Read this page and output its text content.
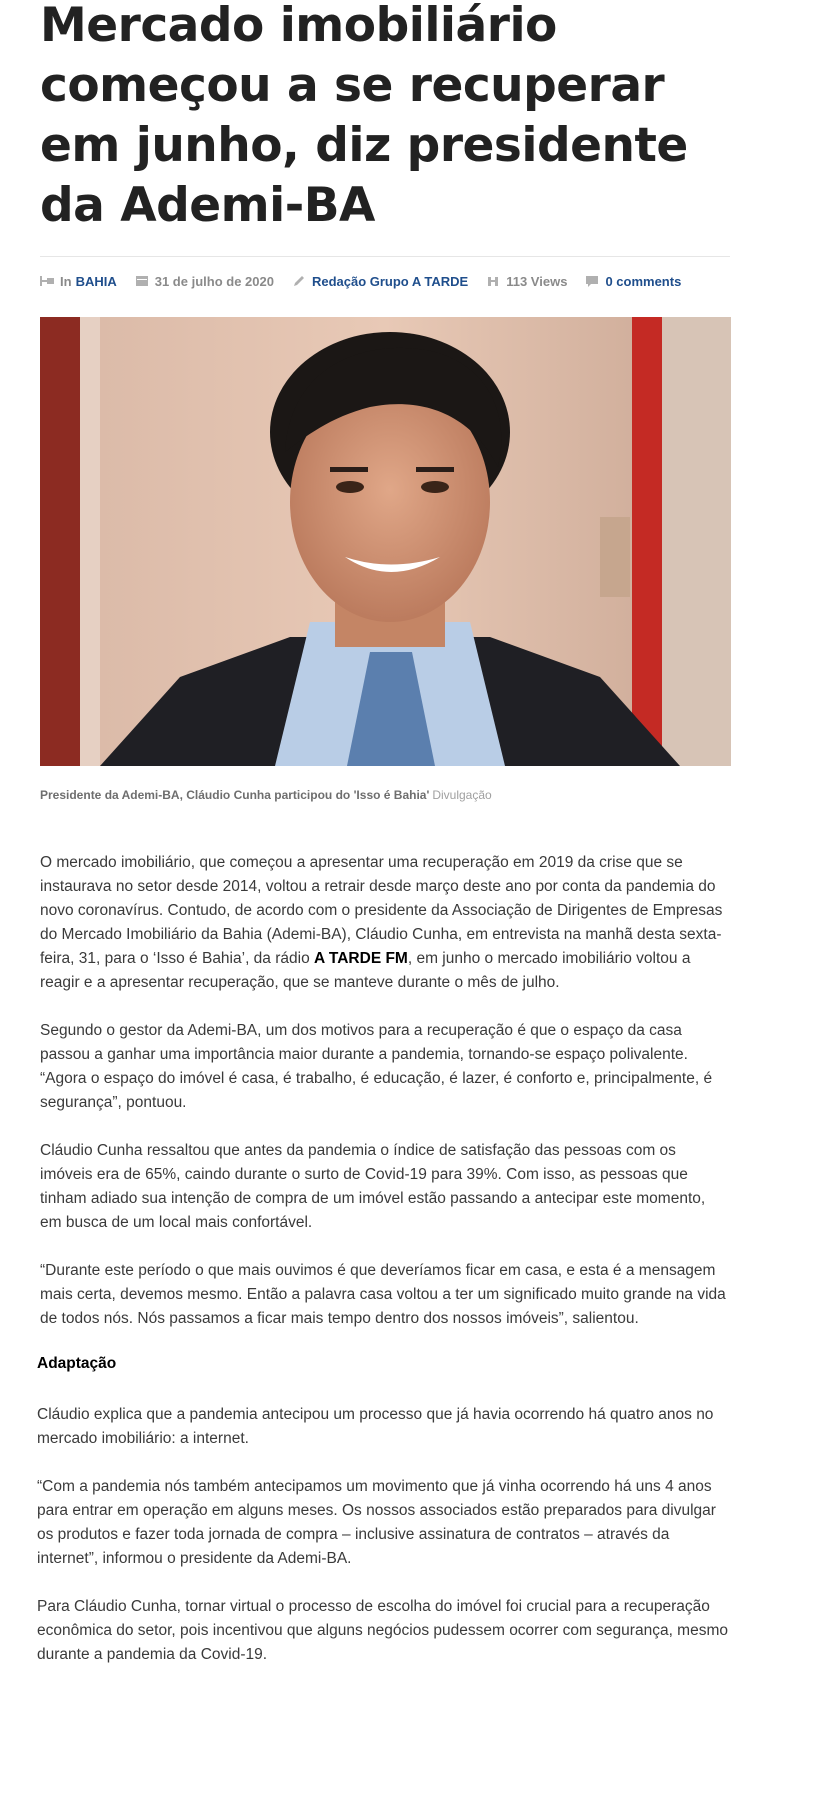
Mercado imobiliário começou a se recuperar em junho, diz presidente da Ademi-BA
In BAHIA	31 de julho de 2020	Redação Grupo A TARDE	113 Views	0 comments
Presidente da Ademi-BA, Cláudio Cunha participou do 'Isso é Bahia' Divulgação

O mercado imobiliário, que começou a apresentar uma recuperação em 2019 da crise que se instaurava no setor desde 2014, voltou a retrair desde março deste ano por conta da pandemia do novo coronavírus. Contudo, de acordo com o presidente da Associação de Dirigentes de Empresas do Mercado Imobiliário da Bahia (Ademi-BA), Cláudio Cunha, em entrevista na manhã desta sexta-feira, 31, para o ‘Isso é Bahia’, da rádio A TARDE FM, em junho o mercado imobiliário voltou a reagir e a apresentar recuperação, que se manteve durante o mês de julho.

Segundo o gestor da Ademi-BA, um dos motivos para a recuperação é que o espaço da casa passou a ganhar uma importância maior durante a pandemia, tornando-se espaço polivalente. “Agora o espaço do imóvel é casa, é trabalho, é educação, é lazer, é conforto e, principalmente, é segurança”, pontuou.

Cláudio Cunha ressaltou que antes da pandemia o índice de satisfação das pessoas com os imóveis era de 65%, caindo durante o surto de Covid-19 para 39%. Com isso, as pessoas que tinham adiado sua intenção de compra de um imóvel estão passando a antecipar este momento, em busca de um local mais confortável.

“Durante este período o que mais ouvimos é que deveríamos ficar em casa, e esta é a mensagem mais certa, devemos mesmo. Então a palavra casa voltou a ter um significado muito grande na vida de todos nós. Nós passamos a ficar mais tempo dentro dos nossos imóveis”, salientou.

Adaptação

Cláudio explica que a pandemia antecipou um processo que já havia ocorrendo há quatro anos no mercado imobiliário: a internet.

“Com a pandemia nós também antecipamos um movimento que já vinha ocorrendo há uns 4 anos para entrar em operação em alguns meses. Os nossos associados estão preparados para divulgar os produtos e fazer toda jornada de compra – inclusive assinatura de contratos – através da internet”, informou o presidente da Ademi-BA.

Para Cláudio Cunha, tornar virtual o processo de escolha do imóvel foi crucial para a recuperação econômica do setor, pois incentivou que alguns negócios pudessem ocorrer com segurança, mesmo durante a pandemia da Covid-19.
